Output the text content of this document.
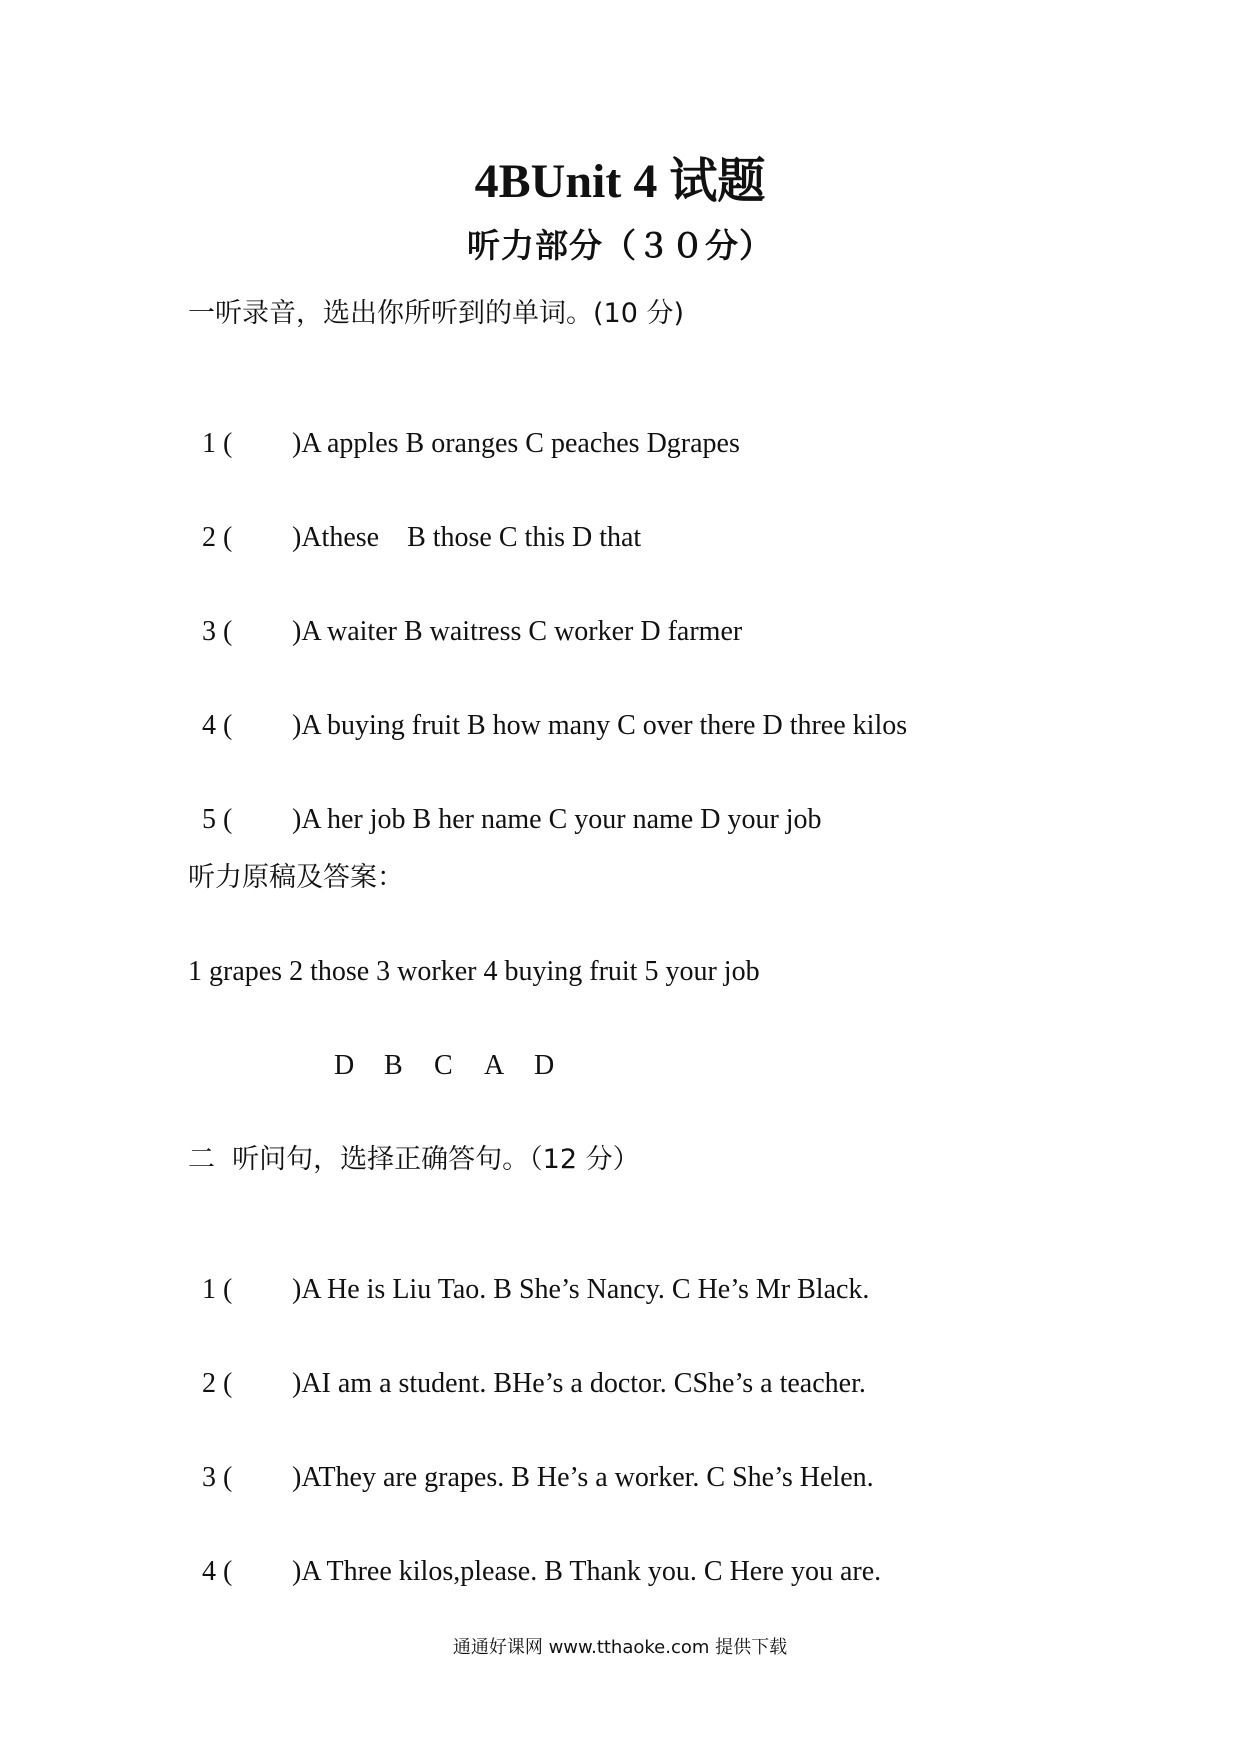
4BUnit 4 试题
听力部分（３０分）
一听录音，选出你所听到的单词。(10 分)

1 ( )A apples B oranges C peaches Dgrapes

2 ( )Athese    B those C this D that

3 ( )A waiter B waitress C worker D farmer

4 ( )A buying fruit B how many C over there D three kilos

5 ( )A her job B her name C your name D your job

听力原稿及答案：
1 grapes 2 those 3 worker 4 buying fruit 5 your job
D B C A D
二  听问句，选择正确答句。（12 分）

1 ( )A He is Liu Tao. B She’s Nancy. C He’s Mr Black.

2 ( )AI am a student. BHe’s a doctor. CShe’s a teacher.

3 ( )AThey are grapes. B He’s a worker. C She’s Helen.

4 ( )A Three kilos,please. B Thank you. C Here you are.

通通好课网 www.tthaoke.com 提供下载
